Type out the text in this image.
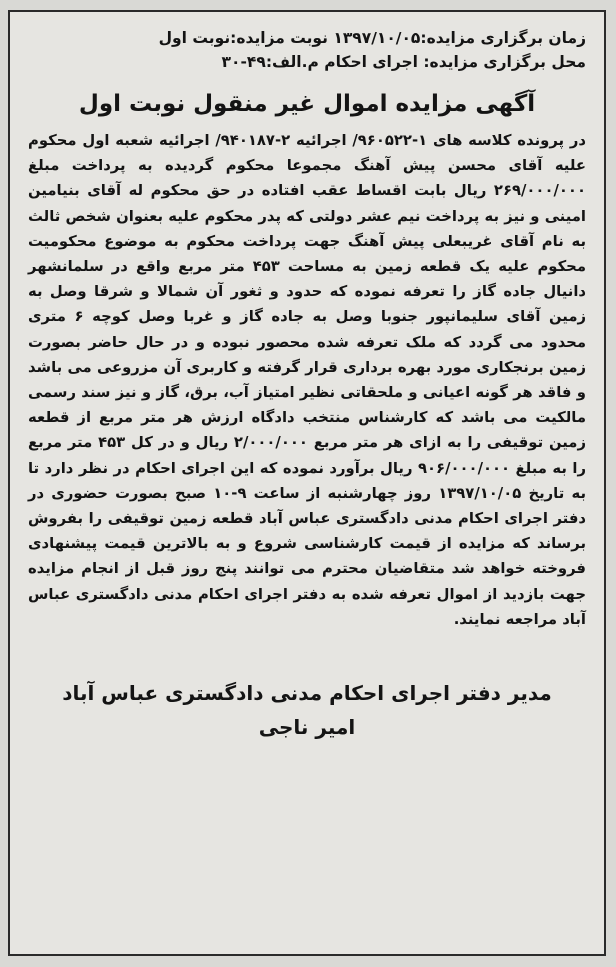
زمان برگزاری مزایده:۱۳۹۷/۱۰/۰۵ نوبت مزایده:نوبت اول
محل برگزاری مزایده: اجرای احکام م.الف:۴۹-۳۰
آگهی مزایده اموال غیر منقول نوبت اول
در پرونده کلاسه های ۱-۹۶۰۵۲۲/ اجرائیه ۲-۹۴۰۱۸۷/ اجرائیه شعبه اول محکوم علیه آقای محسن پیش آهنگ مجموعا محکوم گردیده به پرداخت مبلغ ۲۶۹/۰۰۰/۰۰۰ ریال بابت اقساط عقب افتاده در حق محکوم له آقای بنیامین امینی و نیز به پرداخت نیم عشر دولتی که پدر محکوم علیه بعنوان شخص ثالث به نام آقای غریبعلی پیش آهنگ جهت پرداخت محکوم به موضوع محکومیت محکوم علیه یک قطعه زمین به مساحت ۴۵۳ متر مربع واقع در سلمانشهر دانیال جاده گاز را تعرفه نموده که حدود و ثغور آن شمالا و شرقا وصل به زمین آقای سلیمانپور جنوبا وصل به جاده گاز و غربا وصل کوچه ۶ متری محدود می گردد که ملک تعرفه شده محصور نبوده و در حال حاضر بصورت زمین برنجکاری مورد بهره برداری قرار گرفته و کاربری آن مزروعی می باشد و فاقد هر گونه اعیانی و ملحقاتی نظیر امتیاز آب، برق، گاز و نیز سند رسمی مالکیت می باشد که کارشناس منتخب دادگاه ارزش هر متر مربع از قطعه زمین توقیفی را به ازای هر متر مربع ۲/۰۰۰/۰۰۰ ریال و در کل ۴۵۳ متر مربع را به مبلغ ۹۰۶/۰۰۰/۰۰۰ ریال برآورد نموده که این اجرای احکام در نظر دارد تا به تاریخ ۱۳۹۷/۱۰/۰۵ روز چهارشنبه از ساعت ۹-۱۰ صبح بصورت حضوری در دفتر اجرای احکام مدنی دادگستری عباس آباد قطعه زمین توقیفی را بفروش برساند که مزایده از قیمت کارشناسی شروع و به بالاترین قیمت پیشنهادی فروخته خواهد شد متقاضیان محترم می توانند پنج روز قبل از انجام مزایده جهت بازدید از اموال تعرفه شده به دفتر اجرای احکام مدنی دادگستری عباس آباد مراجعه نمایند.
مدیر دفتر اجرای احکام مدنی دادگستری عباس آباد
امیر ناجی
